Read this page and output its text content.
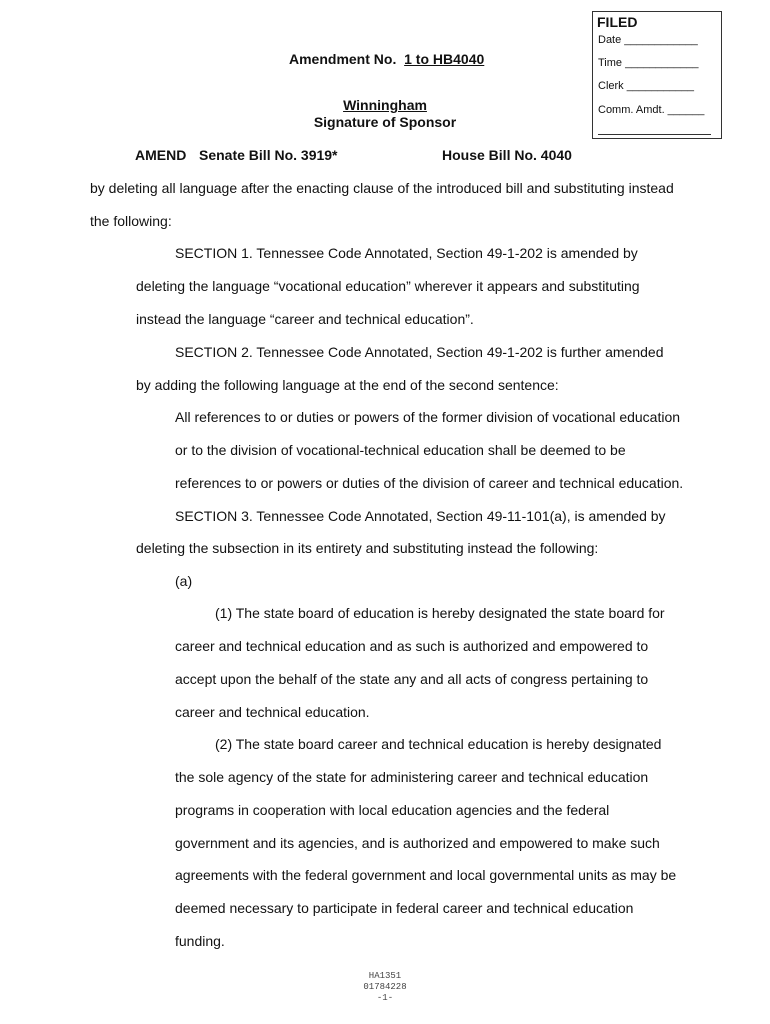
FILED
Date ____________
Time ____________
Clerk ___________
Comm. Amdt. ______
Amendment No. 1 to HB4040
Winningham
Signature of Sponsor
AMEND Senate Bill No. 3919*	House Bill No. 4040
by deleting all language after the enacting clause of the introduced bill and substituting instead
the following:
SECTION 1. Tennessee Code Annotated, Section 49-1-202 is amended by
deleting the language “vocational education” wherever it appears and substituting
instead the language “career and technical education”.
SECTION 2. Tennessee Code Annotated, Section 49-1-202 is further amended
by adding the following language at the end of the second sentence:
All references to or duties or powers of the former division of vocational education
or to the division of vocational-technical education shall be deemed to be
references to or powers or duties of the division of career and technical education.
SECTION 3. Tennessee Code Annotated, Section 49-11-101(a), is amended by
deleting the subsection in its entirety and substituting instead the following:
(a)
(1) The state board of education is hereby designated the state board for
career and technical education and as such is authorized and empowered to
accept upon the behalf of the state any and all acts of congress pertaining to
career and technical education.
(2) The state board career and technical education is hereby designated
the sole agency of the state for administering career and technical education
programs in cooperation with local education agencies and the federal
government and its agencies, and is authorized and empowered to make such
agreements with the federal government and local governmental units as may be
deemed necessary to participate in federal career and technical education
funding.
HA1351
01784228
-1-
